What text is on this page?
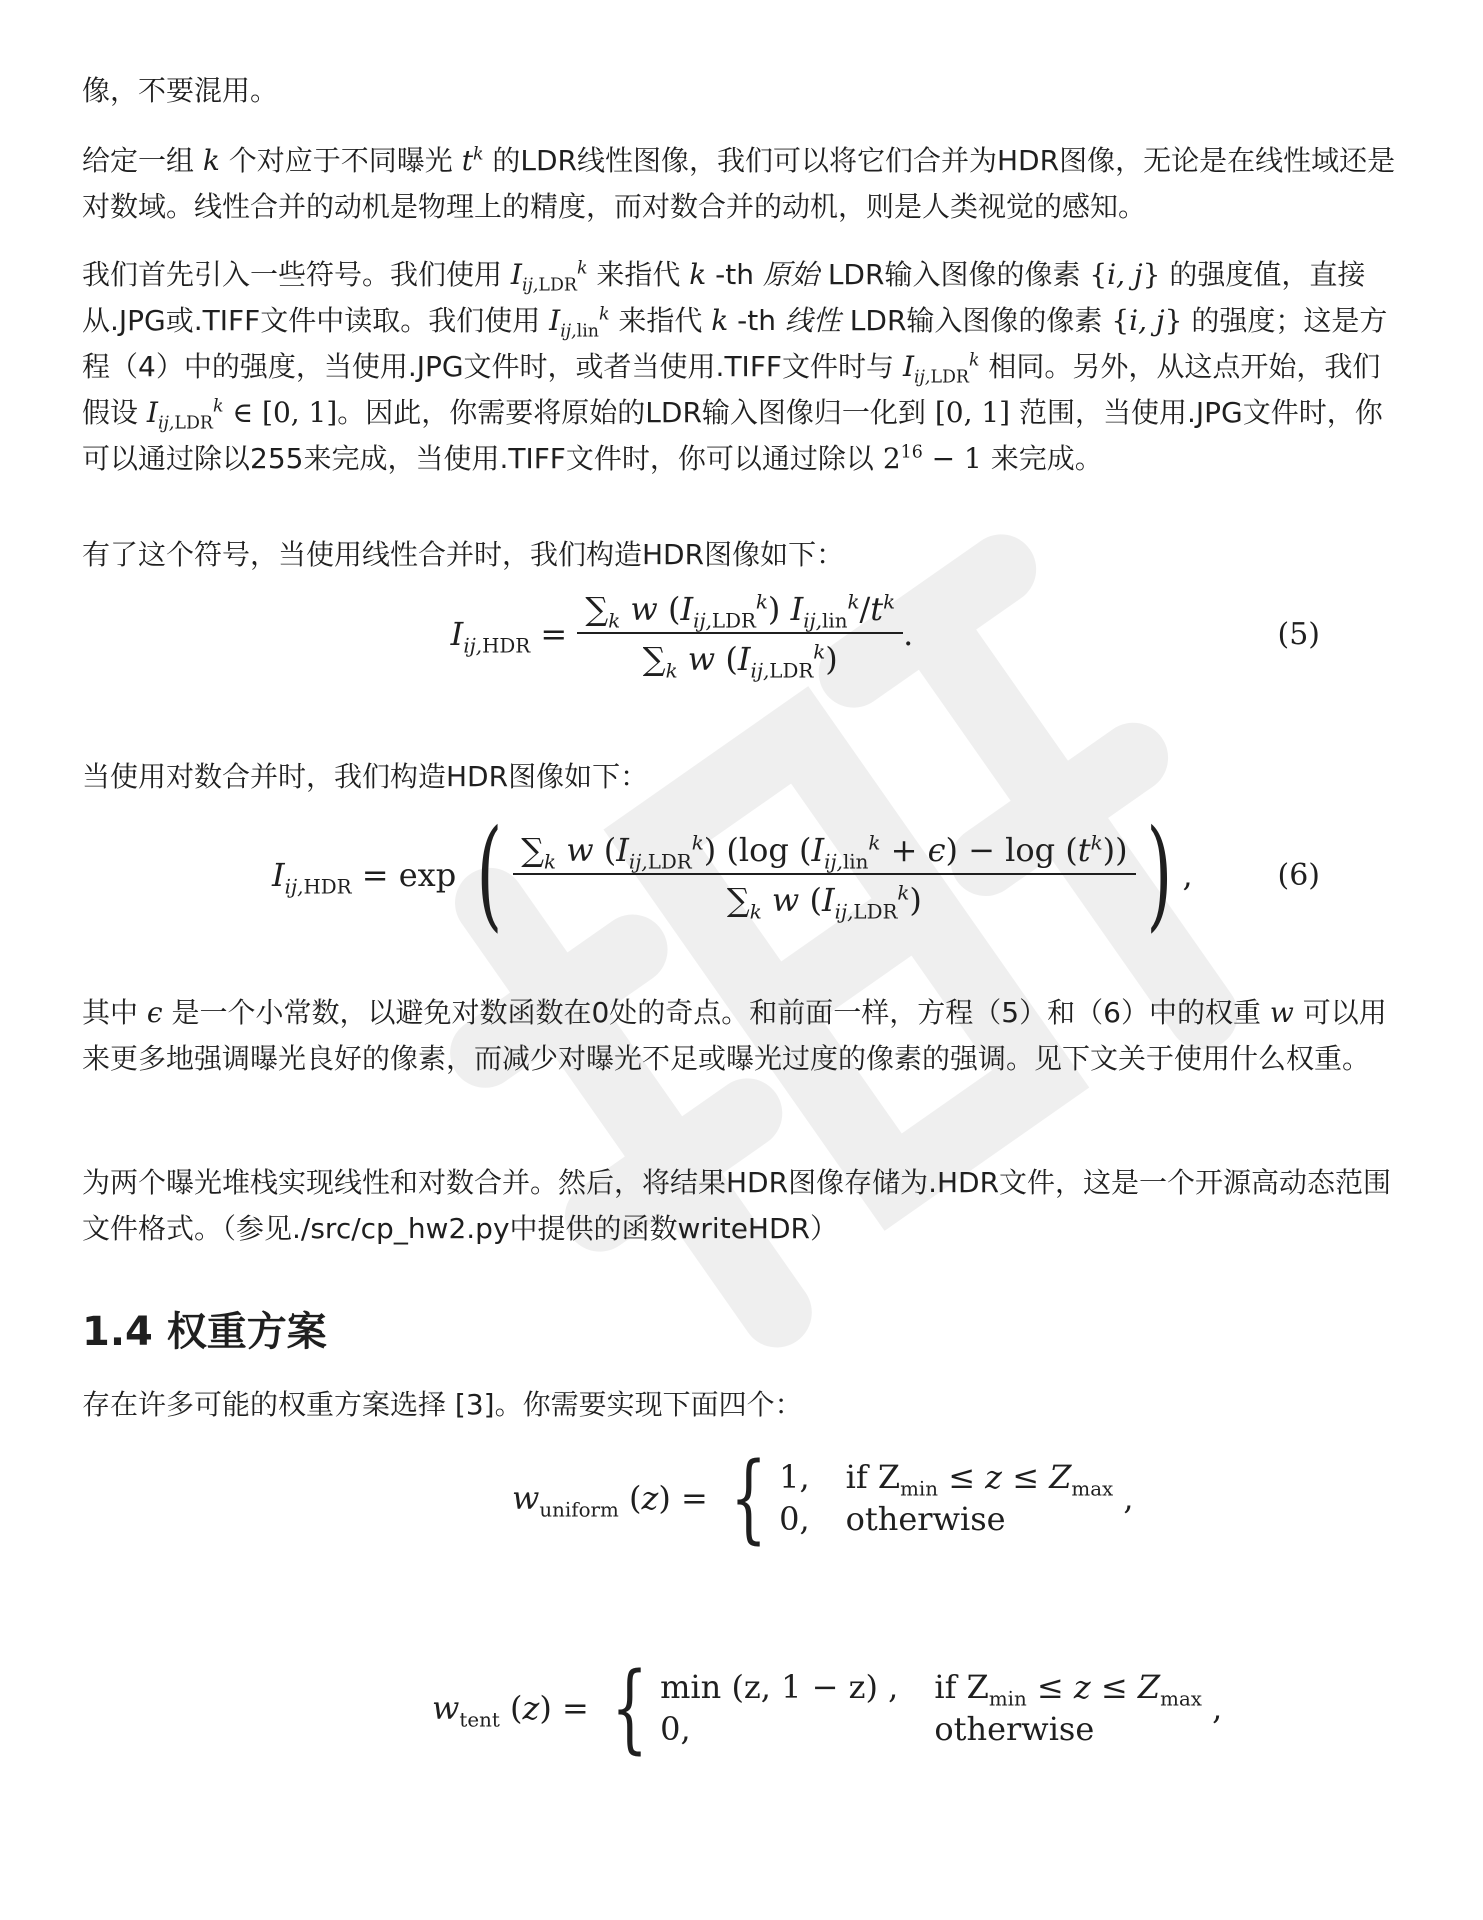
像，不要混用。

给定一组 k 个对应于不同曝光 $t^k$ 的LDR线性图像，我们可以将它们合并为HDR图像，无论是在线性域还是对数域。线性合并的动机是物理上的精度，而对数合并的动机，则是人类视觉的感知。

我们首先引入一些符号。我们使用 $I_{ij,LDR}^k$ 来指代 k -th 原始 LDR输入图像的像素 {i, j} 的强度值，直接从.JPG或.TIFF文件中读取。我们使用 $I_{ij,lin}^k$ 来指代 k -th 线性 LDR输入图像的像素 {i, j} 的强度；这是方程（4）中的强度，当使用.JPG文件时，或者当使用.TIFF文件时与 $I_{ij,LDR}^k$ 相同。另外，从这点开始，我们假设 $I_{ij,LDR}^k$ ∈ [0, 1]。因此，你需要将原始的LDR输入图像归一化到 [0, 1] 范围，当使用.JPG文件时，你可以通过除以255来完成，当使用.TIFF文件时，你可以通过除以 $2^{16} - 1$ 来完成。

有了这个符号，当使用线性合并时，我们构造HDR图像如下：

$I_{ij,HDR} = \frac{\sum_k w (I_{ij,LDR}^k) I_{ij,lin}^k/t^k}{\sum_k w (I_{ij,LDR}^k)}$ .	(5)

当使用对数合并时，我们构造HDR图像如下：

$I_{ij,HDR} = \exp$ ( $\frac{\sum_k w (I_{ij,LDR}^k) (\log (I_{ij,lin}^k + \epsilon) - \log (t^k))}{\sum_k w (I_{ij,LDR}^k)}$ ) ,	(6)

其中 ϵ 是一个小常数，以避免对数函数在0处的奇点。和前面一样，方程（5）和（6）中的权重 w 可以用来更多地强调曝光良好的像素，而减少对曝光不足或曝光过度的像素的强调。见下文关于使用什么权重。

为两个曝光堆栈实现线性和对数合并。然后，将结果HDR图像存储为.HDR文件，这是一个开源高动态范围文件格式。（参见./src/cp_hw2.py中提供的函数writeHDR）

1.4 权重方案

存在许多可能的权重方案选择 [3]。你需要实现下面四个：

$w_{uniform}$ ( z ) = { 1, if $Z_{min} \le z \le Z_{max}$
0, otherwise
,
$w_{tent}$ ( z ) = { min (z, 1 − z) , if $Z_{min} \le z \le Z_{max}$
0,	otherwise
,
